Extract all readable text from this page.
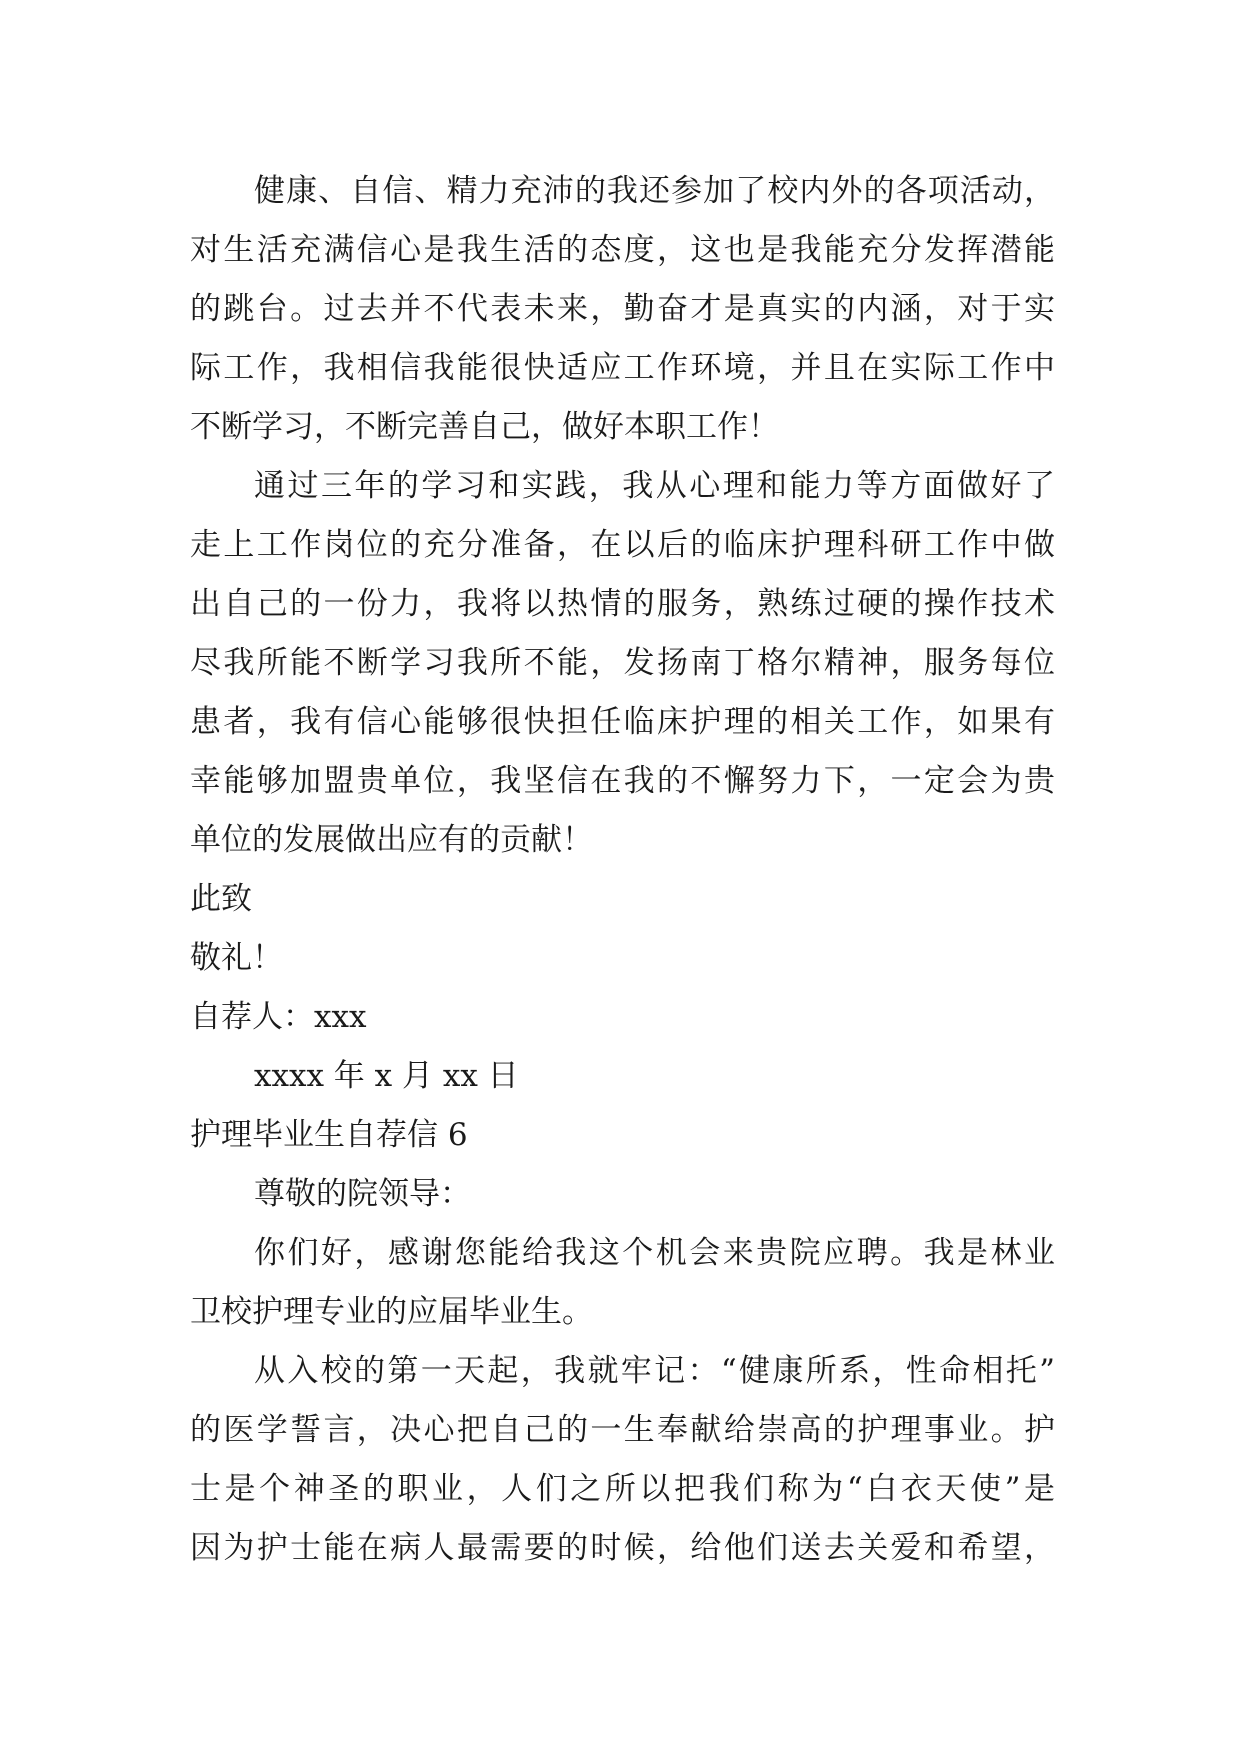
健康、自信、精力充沛的我还参加了校内外的各项活动，
对生活充满信心是我生活的态度，这也是我能充分发挥潜能
的跳台。过去并不代表未来，勤奋才是真实的内涵，对于实
际工作，我相信我能很快适应工作环境，并且在实际工作中
不断学习，不断完善自己，做好本职工作！
通过三年的学习和实践，我从心理和能力等方面做好了
走上工作岗位的充分准备，在以后的临床护理科研工作中做
出自己的一份力，我将以热情的服务，熟练过硬的操作技术
尽我所能不断学习我所不能，发扬南丁格尔精神，服务每位
患者，我有信心能够很快担任临床护理的相关工作，如果有
幸能够加盟贵单位，我坚信在我的不懈努力下，一定会为贵
单位的发展做出应有的贡献！
此致
敬礼！
自荐人：xxx
xxxx 年 x 月 xx 日
护理毕业生自荐信 6
尊敬的院领导：
你们好，感谢您能给我这个机会来贵院应聘。我是林业
卫校护理专业的应届毕业生。
从入校的第一天起，我就牢记：“健康所系，性命相托”
的医学誓言，决心把自己的一生奉献给崇高的护理事业。护
士是个神圣的职业，人们之所以把我们称为“白衣天使”是
因为护士能在病人最需要的时候，给他们送去关爱和希望，
